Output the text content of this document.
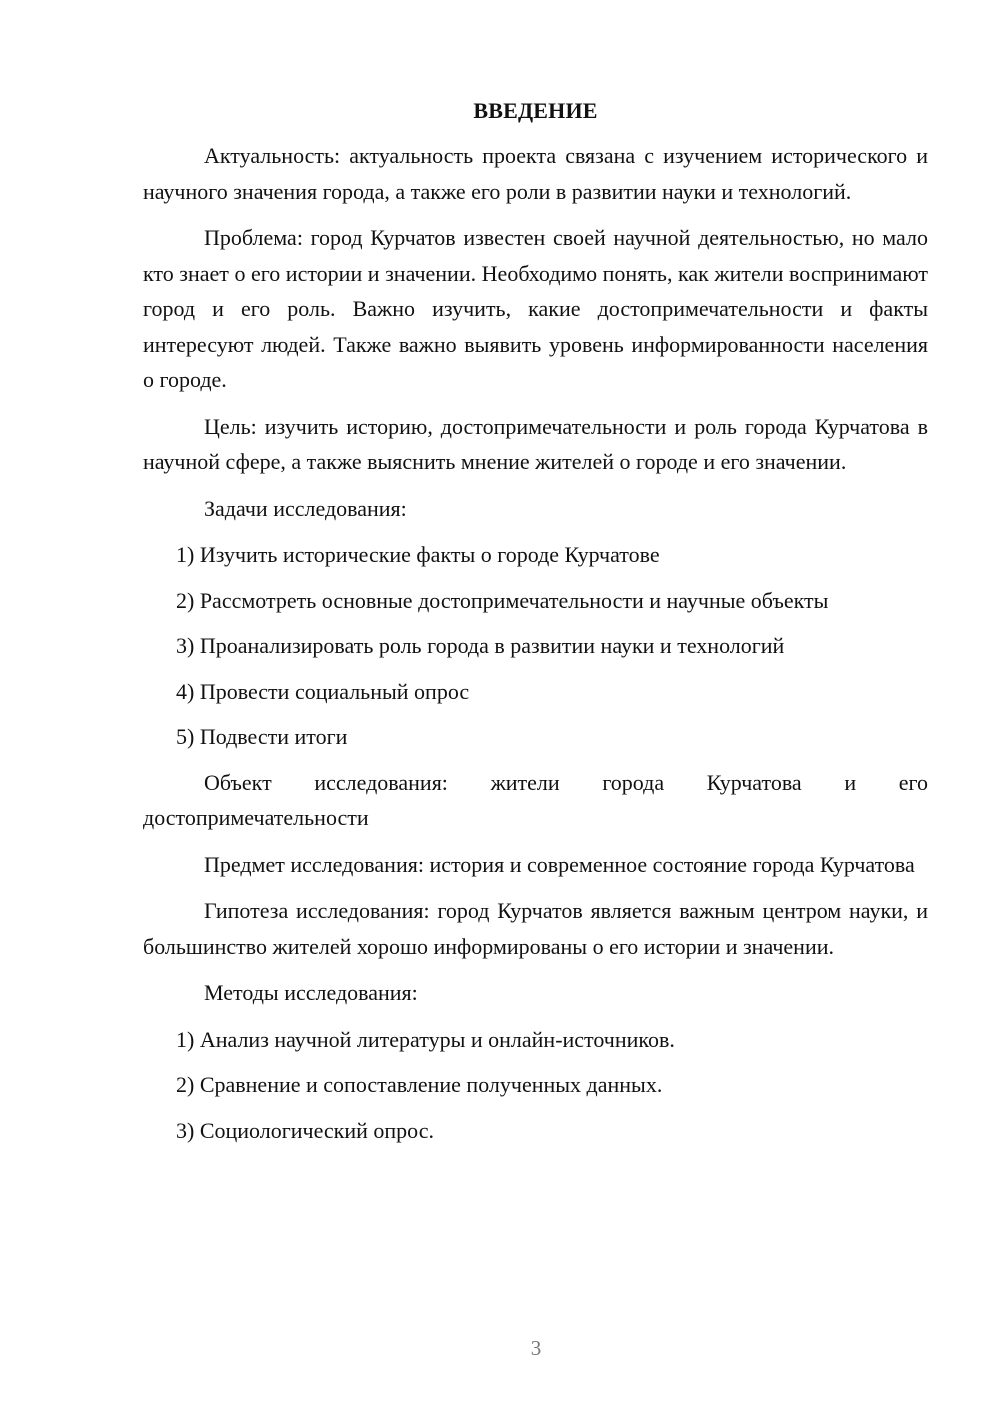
ВВЕДЕНИЕ

Актуальность: актуальность проекта связана с изучением исторического и научного значения города, а также его роли в развитии науки и технологий.

Проблема: город Курчатов известен своей научной деятельностью, но мало кто знает о его истории и значении. Необходимо понять, как жители воспринимают город и его роль. Важно изучить, какие достопримечательности и факты интересуют людей. Также важно выявить уровень информированности населения о городе.

Цель: изучить историю, достопримечательности и роль города Курчатова в научной сфере, а также выяснить мнение жителей о городе и его значении.

Задачи исследования:

1) Изучить исторические факты о городе Курчатове

2) Рассмотреть основные достопримечательности и научные объекты

3) Проанализировать роль города в развитии науки и технологий

4) Провести социальный опрос

5) Подвести итоги

Объект исследования: жители города Курчатова и его достопримечательности

Предмет исследования: история и современное состояние города Курчатова

Гипотеза исследования: город Курчатов является важным центром науки, и большинство жителей хорошо информированы о его истории и значении.

Методы исследования:

1) Анализ научной литературы и онлайн-источников.

2) Сравнение и сопоставление полученных данных.

3) Социологический опрос.

3
